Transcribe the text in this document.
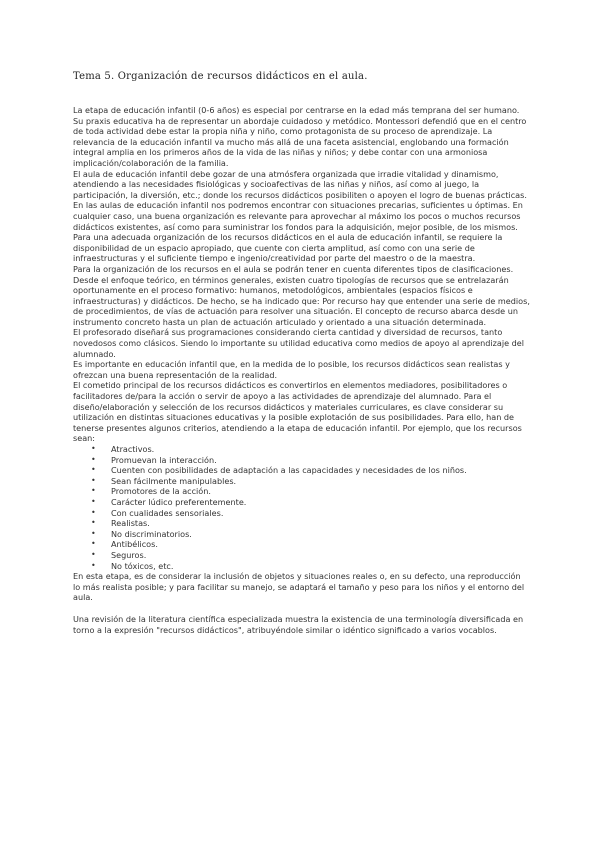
Tema 5. Organización de recursos didácticos en el aula.

La etapa de educación infantil (0-6 años) es especial por centrarse en la edad más temprana del ser humano. Su praxis educativa ha de representar un abordaje cuidadoso y metódico. Montessori defendió que en el centro de toda actividad debe estar la propia niña y niño, como protagonista de su proceso de aprendizaje. La relevancia de la educación infantil va mucho más allá de una faceta asistencial, englobando una formación integral amplia en los primeros años de la vida de las niñas y niños; y debe contar con una armoniosa implicación/colaboración de la familia.

El aula de educación infantil debe gozar de una atmósfera organizada que irradie vitalidad y dinamismo, atendiendo a las necesidades fisiológicas y socioafectivas de las niñas y niños, así como al juego, la participación, la diversión, etc.; donde los recursos didácticos posibiliten o apoyen el logro de buenas prácticas.

En las aulas de educación infantil nos podremos encontrar con situaciones precarias, suficientes u óptimas. En cualquier caso, una buena organización es relevante para aprovechar al máximo los pocos o muchos recursos didácticos existentes, así como para suministrar los fondos para la adquisición, mejor posible, de los mismos.

Para una adecuada organización de los recursos didácticos en el aula de educación infantil, se requiere la disponibilidad de un espacio apropiado, que cuente con cierta amplitud, así como con una serie de infraestructuras y el suficiente tiempo e ingenio/creatividad por parte del maestro o de la maestra.

Para la organización de los recursos en el aula se podrán tener en cuenta diferentes tipos de clasificaciones. Desde el enfoque teórico, en términos generales, existen cuatro tipologías de recursos que se entrelazarán oportunamente en el proceso formativo: humanos, metodológicos, ambientales (espacios físicos e infraestructuras) y didácticos. De hecho, se ha indicado que: Por recurso hay que entender una serie de medios, de procedimientos, de vías de actuación para resolver una situación. El concepto de recurso abarca desde un instrumento concreto hasta un plan de actuación articulado y orientado a una situación determinada.

El profesorado diseñará sus programaciones considerando cierta cantidad y diversidad de recursos, tanto novedosos como clásicos. Siendo lo importante su utilidad educativa como medios de apoyo al aprendizaje del alumnado.

Es importante en educación infantil que, en la medida de lo posible, los recursos didácticos sean realistas y ofrezcan una buena representación de la realidad.

El cometido principal de los recursos didácticos es convertirlos en elementos mediadores, posibilitadores o facilitadores de/para la acción o servir de apoyo a las actividades de aprendizaje del alumnado. Para el diseño/elaboración y selección de los recursos didácticos y materiales curriculares, es clave considerar su utilización en distintas situaciones educativas y la posible explotación de sus posibilidades. Para ello, han de tenerse presentes algunos criterios, atendiendo a la etapa de educación infantil. Por ejemplo, que los recursos sean:

• Atractivos.
• Promuevan la interacción.
• Cuenten con posibilidades de adaptación a las capacidades y necesidades de los niños.
• Sean fácilmente manipulables.
• Promotores de la acción.
• Carácter lúdico preferentemente.
• Con cualidades sensoriales.
• Realistas.
• No discriminatorios.
• Antibélicos.
• Seguros.
• No tóxicos, etc.

En esta etapa, es de considerar la inclusión de objetos y situaciones reales o, en su defecto, una reproducción lo más realista posible; y para facilitar su manejo, se adaptará el tamaño y peso para los niños y el entorno del aula.

Una revisión de la literatura científica especializada muestra la existencia de una terminología diversificada en torno a la expresión "recursos didácticos", atribuyéndole similar o idéntico significado a varios vocablos.
